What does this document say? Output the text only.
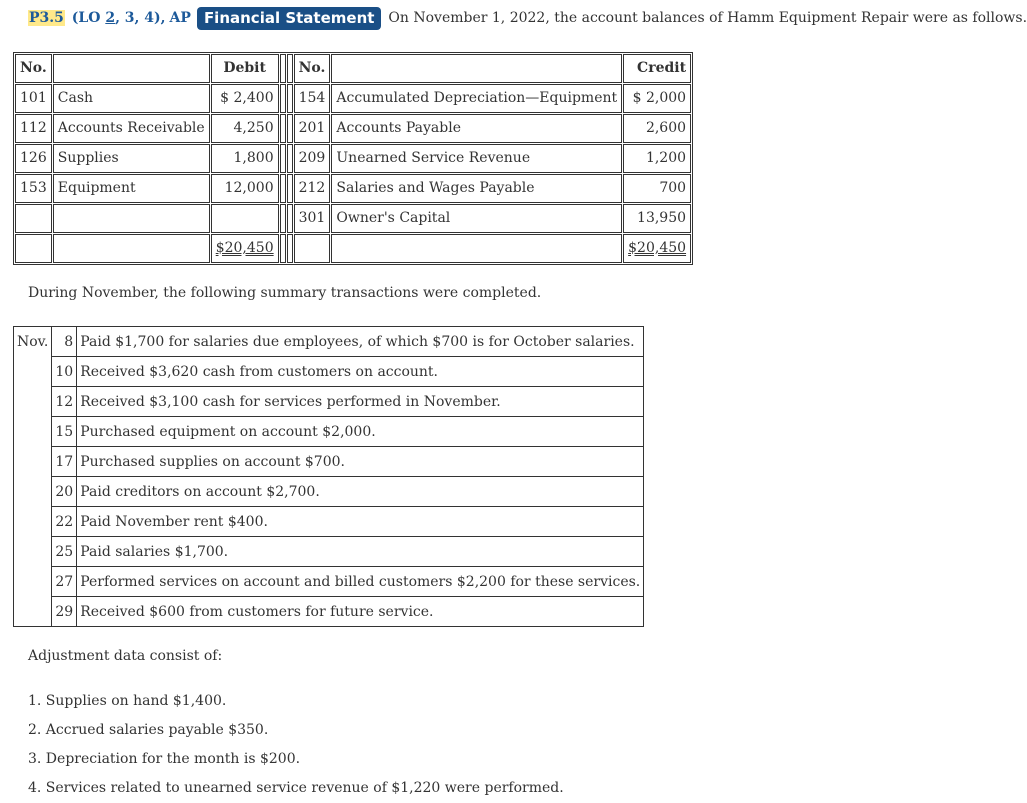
P3.5 (LO 2, 3, 4), AP Financial Statement	On November 1, 2022, the account balances of Hamm Equipment Repair were as follows.
No.		Debit			No.		Credit
101	Cash	$ 2,400			154	Accumulated Depreciation—Equipment	$ 2,000
112	Accounts Receivable	4,250			201	Accounts Payable	2,600
126	Supplies	1,800			209	Unearned Service Revenue	1,200
153	Equipment	12,000			212	Salaries and Wages Payable	700
					301	Owner's Capital	13,950
		$20,450					$20,450
During November, the following summary transactions were completed.
Nov.	8	Paid $1,700 for salaries due employees, of which $700 is for October salaries.
	10	Received $3,620 cash from customers on account.
	12	Received $3,100 cash for services performed in November.
	15	Purchased equipment on account $2,000.
	17	Purchased supplies on account $700.
	20	Paid creditors on account $2,700.
	22	Paid November rent $400.
	25	Paid salaries $1,700.
	27	Performed services on account and billed customers $2,200 for these services.
	29	Received $600 from customers for future service.
Adjustment data consist of:
1. Supplies on hand $1,400.
2. Accrued salaries payable $350.
3. Depreciation for the month is $200.
4. Services related to unearned service revenue of $1,220 were performed.
